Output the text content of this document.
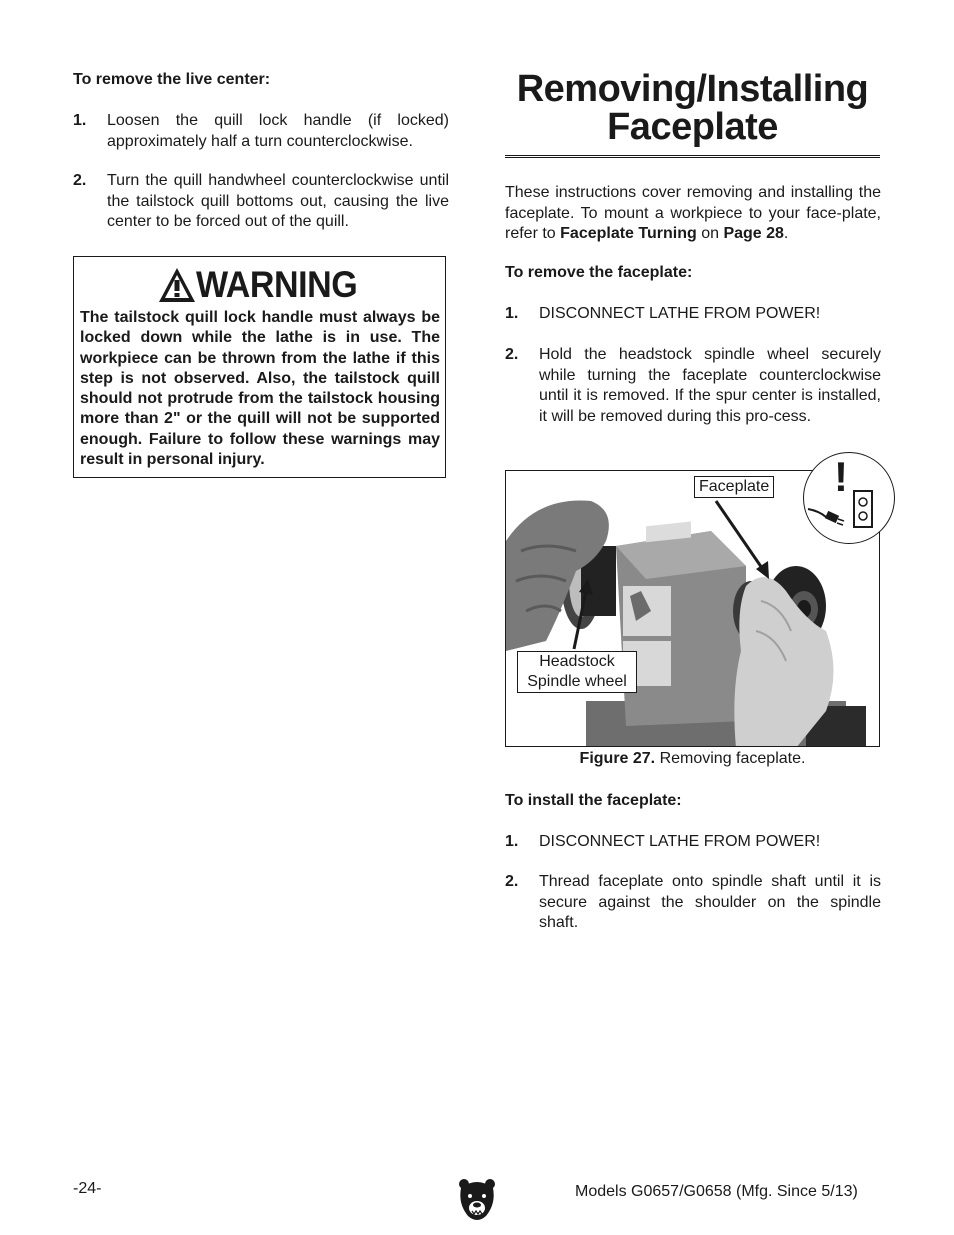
To remove the live center:
1. Loosen the quill lock handle (if locked) approximately half a turn counterclockwise.
2. Turn the quill handwheel counterclockwise until the tailstock quill bottoms out, causing the live center to be forced out of the quill.
WARNING

The tailstock quill lock handle must always be locked down while the lathe is in use. The workpiece can be thrown from the lathe if this step is not observed. Also, the tailstock quill should not protrude from the tailstock housing more than 2" or the quill will not be supported enough. Failure to follow these warnings may result in personal injury.

Removing/Installing
Faceplate

These instructions cover removing and installing the faceplate. To mount a workpiece to your face-plate, refer to Faceplate Turning on Page 28.

To remove the faceplate:
1. DISCONNECT LATHE FROM POWER!
2. Hold the headstock spindle wheel securely while turning the faceplate counterclockwise until it is removed. If the spur center is installed, it will be removed during this pro-cess.
!
Faceplate
Headstock
Spindle wheel

Figure 27. Removing faceplate.

To install the faceplate:
1. DISCONNECT LATHE FROM POWER!
2. Thread faceplate onto spindle shaft until it is secure against the shoulder on the spindle shaft.
-24-	Models G0657/G0658 (Mfg. Since 5/13)
